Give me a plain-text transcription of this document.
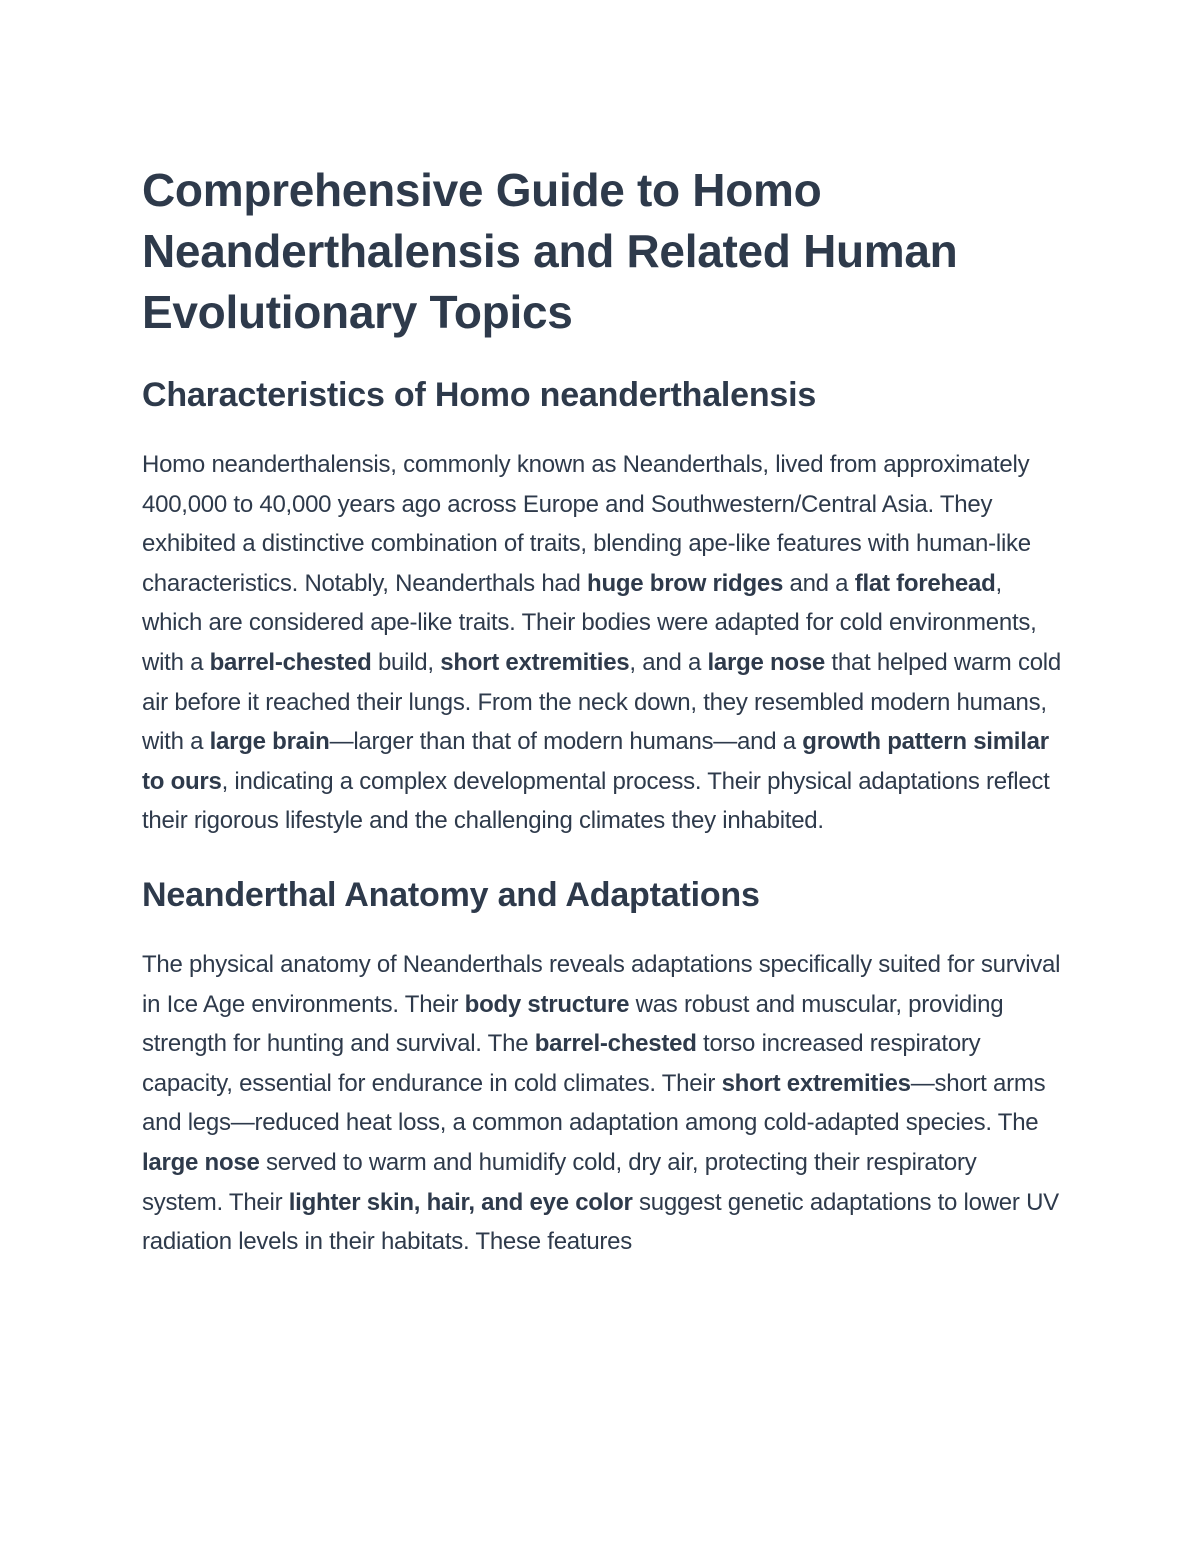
Comprehensive Guide to Homo Neanderthalensis and Related Human Evolutionary Topics
Characteristics of Homo neanderthalensis

Homo neanderthalensis, commonly known as Neanderthals, lived from approximately 400,000 to 40,000 years ago across Europe and Southwestern/Central Asia. They exhibited a distinctive combination of traits, blending ape-like features with human-like characteristics. Notably, Neanderthals had huge brow ridges and a flat forehead, which are considered ape-like traits. Their bodies were adapted for cold environments, with a barrel-chested build, short extremities, and a large nose that helped warm cold air before it reached their lungs. From the neck down, they resembled modern humans, with a large brain—larger than that of modern humans—and a growth pattern similar to ours, indicating a complex developmental process. Their physical adaptations reflect their rigorous lifestyle and the challenging climates they inhabited.

Neanderthal Anatomy and Adaptations

The physical anatomy of Neanderthals reveals adaptations specifically suited for survival in Ice Age environments. Their body structure was robust and muscular, providing strength for hunting and survival. The barrel-chested torso increased respiratory capacity, essential for endurance in cold climates. Their short extremities—short arms and legs—reduced heat loss, a common adaptation among cold-adapted species. The large nose served to warm and humidify cold, dry air, protecting their respiratory system. Their lighter skin, hair, and eye color suggest genetic adaptations to lower UV radiation levels in their habitats. These features
